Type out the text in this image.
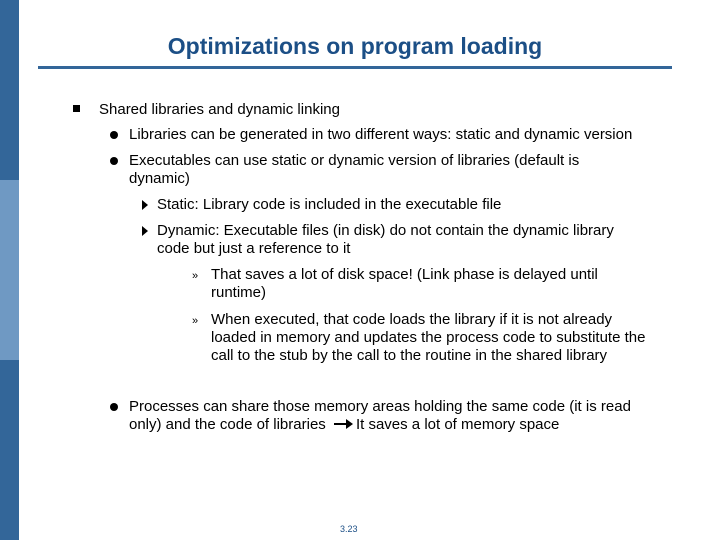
Optimizations on program loading
Shared libraries and dynamic linking
Libraries can be generated in two different ways: static and dynamic version
Executables can use static or dynamic version of libraries (default is
dynamic)
Static: Library code is included in the executable file
Dynamic: Executable files (in disk) do not contain the dynamic library
code but just a reference to it
» That saves a lot of disk space! (Link phase is delayed until
runtime)
» When executed, that code loads the library if it is not already
loaded in memory and updates the process code to substitute the
call to the stub by the call to the routine in the shared library
Processes can share those memory areas holding the same code (it is read
only) and the code of libraries It saves a lot of memory space
3.23
